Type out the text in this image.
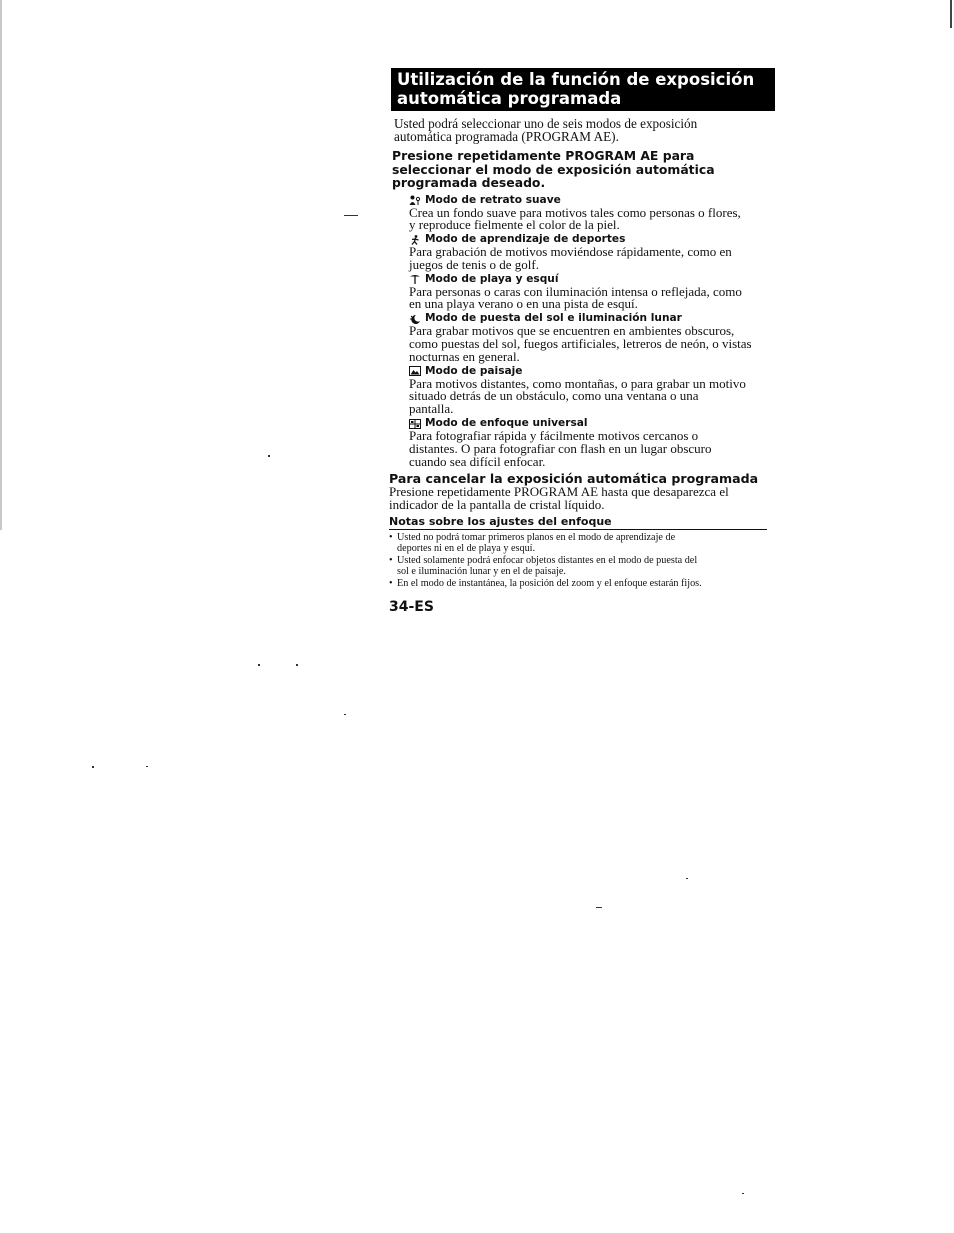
Utilización de la función de exposición
automática programada
Usted podrá seleccionar uno de seis modos de exposición
automática programada (PROGRAM AE).
Presione repetidamente PROGRAM AE para
seleccionar el modo de exposición automática
programada deseado.
Modo de retrato suave
Crea un fondo suave para motivos tales como personas o flores,
y reproduce fielmente el color de la piel.
Modo de aprendizaje de deportes
Para grabación de motivos moviéndose rápidamente, como en
juegos de tenis o de golf.
Modo de playa y esquí
Para personas o caras con iluminación intensa o reflejada, como
en una playa verano o en una pista de esquí.
Modo de puesta del sol e iluminación lunar
Para grabar motivos que se encuentren en ambientes obscuros,
como puestas del sol, fuegos artificiales, letreros de neón, o vistas
nocturnas en general.
Modo de paisaje
Para motivos distantes, como montañas, o para grabar un motivo
situado detrás de un obstáculo, como una ventana o una
pantalla.
Modo de enfoque universal
Para fotografiar rápida y fácilmente motivos cercanos o
distantes. O para fotografiar con flash en un lugar obscuro
cuando sea difícil enfocar.
Para cancelar la exposición automática programada
Presione repetidamente PROGRAM AE hasta que desaparezca el
indicador de la pantalla de cristal líquido.
Notas sobre los ajustes del enfoque
• Usted no podrá tomar primeros planos en el modo de aprendizaje de
deportes ni en el de playa y esquí.
• Usted solamente podrá enfocar objetos distantes en el modo de puesta del
sol e iluminación lunar y en el de paisaje.
• En el modo de instantánea, la posición del zoom y el enfoque estarán fijos.
34-ES
